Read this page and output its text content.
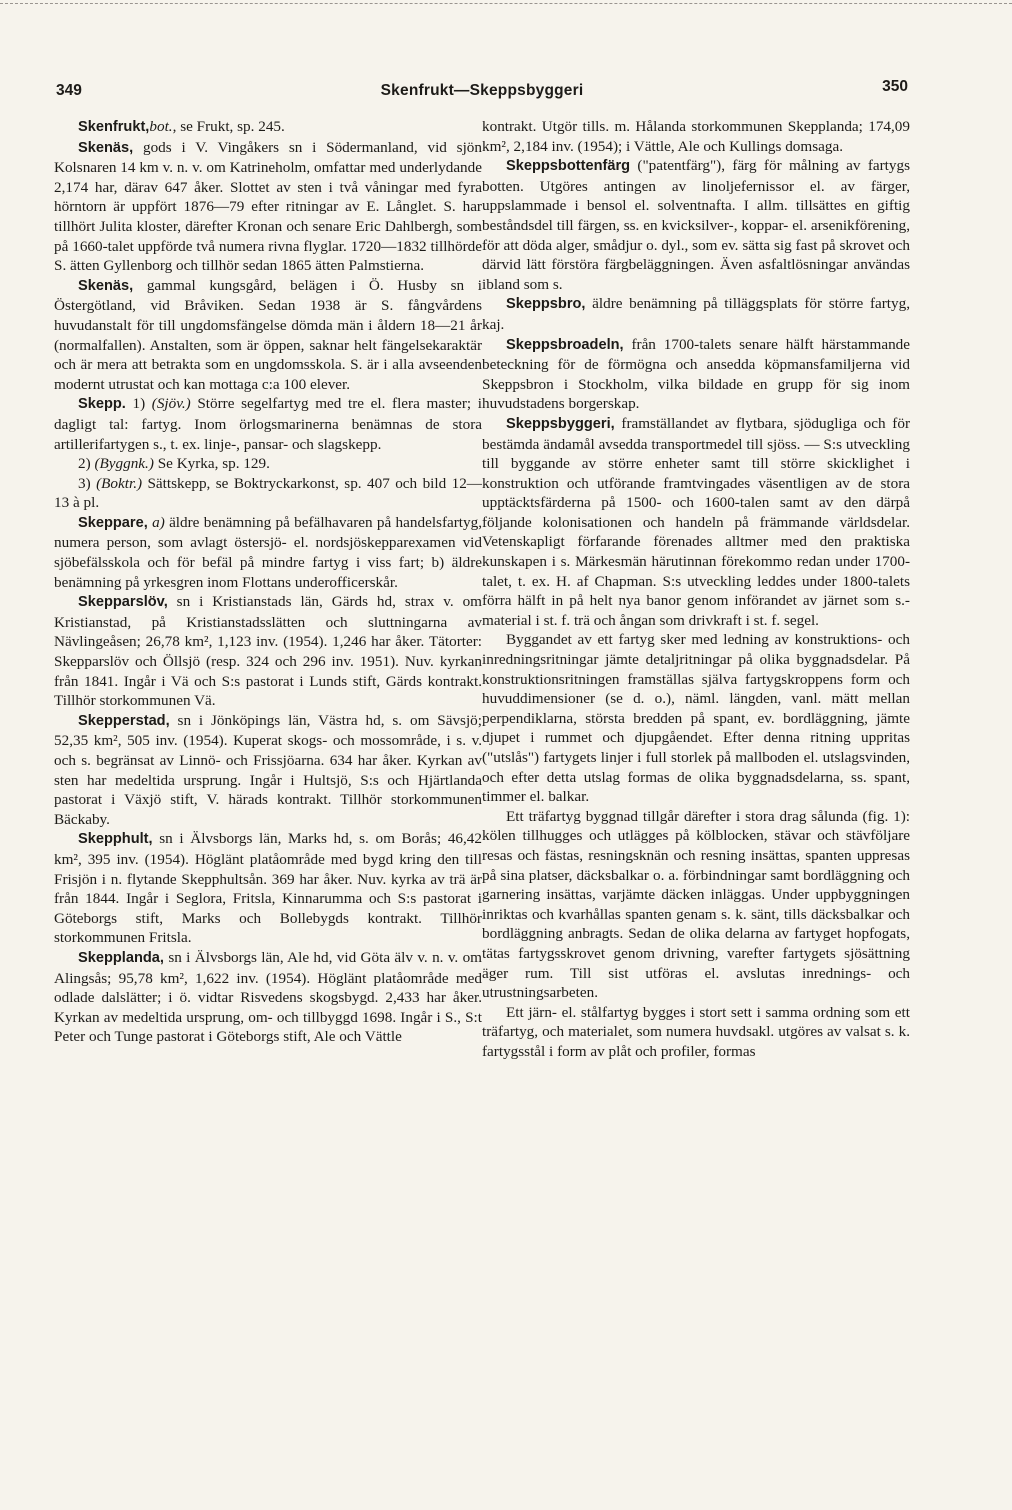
349	Skenfrukt—Skeppsbyggeri	350

Skenfrukt,bot., se Frukt, sp. 245.

Skenäs, gods i V. Vingåkers sn i Södermanland, vid sjön Kolsnaren 14 km v. n. v. om Katrineholm, omfattar med underlydande 2,174 har, därav 647 åker. Slottet av sten i två våningar med fyra hörntorn är uppfört 1876—79 efter ritningar av E. Långlet. S. har tillhört Julita kloster, därefter Kronan och senare Eric Dahlbergh, som på 1660-talet uppförde två numera rivna flyglar. 1720—1832 tillhörde S. ätten Gyllenborg och tillhör sedan 1865 ätten Palmstierna.

Skenäs, gammal kungsgård, belägen i Ö. Husby sn i Östergötland, vid Bråviken. Sedan 1938 är S. fångvårdens huvudanstalt för till ungdomsfängelse dömda män i åldern 18—21 år (normalfallen). Anstalten, som är öppen, saknar helt fängelsekaraktär och är mera att betrakta som en ungdomsskola. S. är i alla avseenden modernt utrustat och kan mottaga c:a 100 elever.

Skepp. 1) (Sjöv.) Större segelfartyg med tre el. flera master; i dagligt tal: fartyg. Inom örlogsmarinerna benämnas de stora artillerifartygen s., t. ex. linje-, pansar- och slagskepp.

2) (Byggnk.) Se Kyrka, sp. 129.

3) (Boktr.) Sättskepp, se Boktryckarkonst, sp. 407 och bild 12—13 à pl.

Skeppare, a) äldre benämning på befälhavaren på handelsfartyg, numera person, som avlagt östersjö- el. nordsjöskepparexamen vid sjöbefälsskola och för befäl på mindre fartyg i viss fart; b) äldre benämning på yrkesgren inom Flottans underofficerskår.

Skepparslöv, sn i Kristianstads län, Gärds hd, strax v. om Kristianstad, på Kristianstadsslätten och sluttningarna av Nävlingeåsen; 26,78 km², 1,123 inv. (1954). 1,246 har åker. Tätorter: Skepparslöv och Öllsjö (resp. 324 och 296 inv. 1951). Nuv. kyrkan från 1841. Ingår i Vä och S:s pastorat i Lunds stift, Gärds kontrakt. Tillhör storkommunen Vä.

Skepperstad, sn i Jönköpings län, Västra hd, s. om Sävsjö; 52,35 km², 505 inv. (1954). Kuperat skogs- och mossområde, i s. v. och s. begränsat av Linnö- och Frissjöarna. 634 har åker. Kyrkan av sten har medeltida ursprung. Ingår i Hultsjö, S:s och Hjärtlanda pastorat i Växjö stift, V. härads kontrakt. Tillhör storkommunen Bäckaby.

Skepphult, sn i Älvsborgs län, Marks hd, s. om Borås; 46,42 km², 395 inv. (1954). Höglänt platåområde med bygd kring den till Frisjön i n. flytande Skepphultsån. 369 har åker. Nuv. kyrka av trä är från 1844. Ingår i Seglora, Fritsla, Kinnarumma och S:s pastorat i Göteborgs stift, Marks och Bollebygds kontrakt. Tillhör storkommunen Fritsla.

Skepplanda, sn i Älvsborgs län, Ale hd, vid Göta älv v. n. v. om Alingsås; 95,78 km², 1,622 inv. (1954). Höglänt platåområde med odlade dalslätter; i ö. vidtar Risvedens skogsbygd. 2,433 har åker. Kyrkan av medeltida ursprung, om- och tillbyggd 1698. Ingår i S., S:t Peter och Tunge pastorat i Göteborgs stift, Ale och Vättle

kontrakt. Utgör tills. m. Hålanda storkommunen Skepplanda; 174,09 km², 2,184 inv. (1954); i Vättle, Ale och Kullings domsaga.

Skeppsbottenfärg ("patentfärg"), färg för målning av fartygs botten. Utgöres antingen av linoljefernissor el. av färger, uppslammade i bensol el. solventnafta. I allm. tillsättes en giftig beståndsdel till färgen, ss. en kvicksilver-, koppar- el. arsenikförening, för att döda alger, smådjur o. dyl., som ev. sätta sig fast på skrovet och därvid lätt förstöra färgbeläggningen. Även asfaltlösningar användas ibland som s.

Skeppsbro, äldre benämning på tilläggsplats för större fartyg, kaj.

Skeppsbroadeln, från 1700-talets senare hälft härstammande beteckning för de förmögna och ansedda köpmansfamiljerna vid Skeppsbron i Stockholm, vilka bildade en grupp för sig inom huvudstadens borgerskap.

Skeppsbyggeri, framställandet av flytbara, sjödugliga och för bestämda ändamål avsedda transportmedel till sjöss. — S:s utveckling till byggande av större enheter samt till större skicklighet i konstruktion och utförande framtvingades väsentligen av de stora upptäcktsfärderna på 1500- och 1600-talen samt av den därpå följande kolonisationen och handeln på främmande världsdelar. Vetenskapligt förfarande förenades alltmer med den praktiska kunskapen i s. Märkesmän härutinnan förekommo redan under 1700-talet, t. ex. H. af Chapman. S:s utveckling leddes under 1800-talets förra hälft in på helt nya banor genom införandet av järnet som s.-material i st. f. trä och ångan som drivkraft i st. f. segel.

Byggandet av ett fartyg sker med ledning av konstruktions- och inredningsritningar jämte detaljritningar på olika byggnadsdelar. På konstruktionsritningen framställas själva fartygskroppens form och huvuddimensioner (se d. o.), näml. längden, vanl. mätt mellan perpendiklarna, största bredden på spant, ev. bordläggning, jämte djupet i rummet och djupgåendet. Efter denna ritning uppritas ("utslås") fartygets linjer i full storlek på mallboden el. utslagsvinden, och efter detta utslag formas de olika byggnadsdelarna, ss. spant, timmer el. balkar.

Ett träfartyg byggnad tillgår därefter i stora drag sålunda (fig. 1): kölen tillhugges och utlägges på kölblocken, stävar och stävföljare resas och fästas, resningsknän och resning insättas, spanten uppresas på sina platser, däcksbalkar o. a. förbindningar samt bordläggning och garnering insättas, varjämte däcken inläggas. Under uppbyggningen inriktas och kvarhållas spanten genam s. k. sänt, tills däcksbalkar och bordläggning anbragts. Sedan de olika delarna av fartyget hopfogats, tätas fartygsskrovet genom drivning, varefter fartygets sjösättning äger rum. Till sist utföras el. avslutas inrednings- och utrustningsarbeten.

Ett järn- el. stålfartyg bygges i stort sett i samma ordning som ett träfartyg, och materialet, som numera huvdsakl. utgöres av valsat s. k. fartygsstål i form av plåt och profiler, formas
